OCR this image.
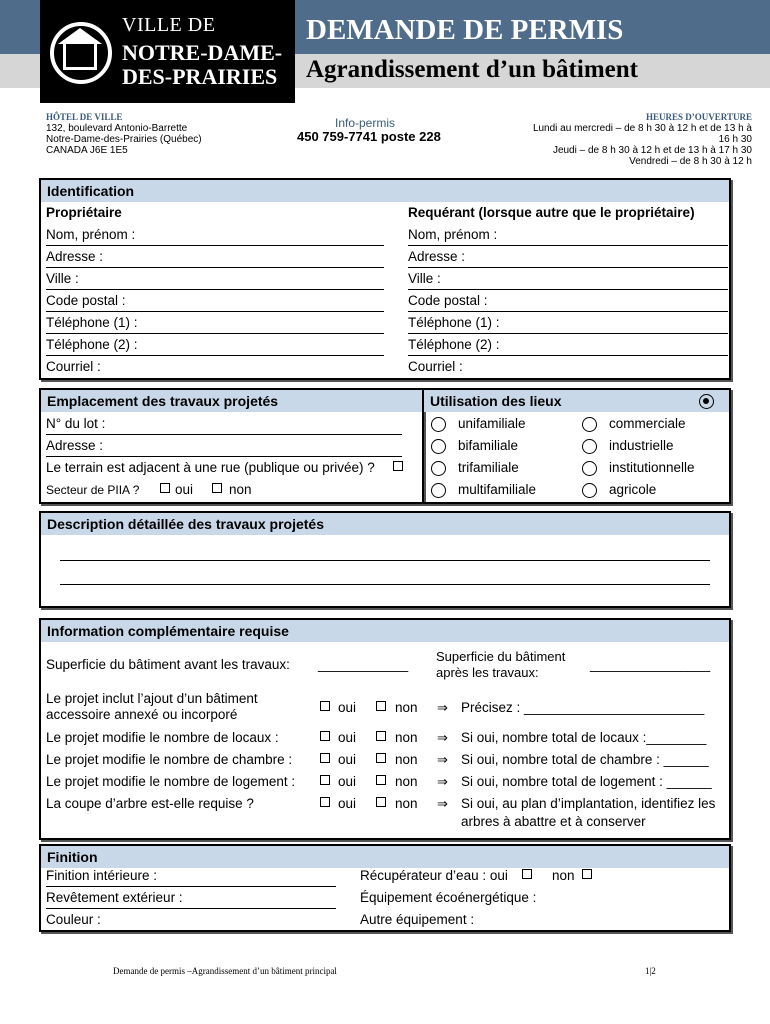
VILLE DE
NOTRE-DAME-
DES-PRAIRIES
DEMANDE DE PERMIS
Agrandissement d’un bâtiment
HÔTEL DE VILLE
132, boulevard Antonio-Barrette
Notre-Dame-des-Prairies (Québec)
CANADA J6E 1E5
Info-permis
450 759-7741 poste 228
HEURES D’OUVERTURE
Lundi au mercredi – de 8 h 30 à 12 h et de 13 h à
16 h 30
Jeudi – de 8 h 30 à 12 h et de 13 h à 17 h 30
Vendredi – de 8 h 30 à 12 h
Identification
Propriétaire	Requérant (lorsque autre que le propriétaire)
Nom, prénom :	Nom, prénom :
Adresse :	Adresse :
Ville :	Ville :
Code postal :	Code postal :
Téléphone (1) :	Téléphone (1) :
Téléphone (2) :	Téléphone (2) :
Courriel :	Courriel :
Emplacement des travaux projetés
N° du lot :
Adresse :
Le terrain est adjacent à une rue (publique ou privée) ?
Secteur de PIIA ?	oui	non
Utilisation des lieux
unifamiliale	commerciale
bifamiliale	industrielle
trifamiliale	institutionnelle
multifamiliale	agricole
Description détaillée des travaux projetés
Information complémentaire requise
Superficie du bâtiment avant les travaux: ____________
Superficie du bâtiment
après les travaux:
________________
Le projet inclut l’ajout d’un bâtiment
accessoire annexé ou incorporé	oui	non ⇒ Précisez : ________________________
Le projet modifie le nombre de locaux :	oui	non ⇒ Si oui, nombre total de locaux :________
Le projet modifie le nombre de chambre :	oui	non ⇒ Si oui, nombre total de chambre : ______
Le projet modifie le nombre de logement :	oui	non ⇒ Si oui, nombre total de logement : ______
La coupe d’arbre est-elle requise ?	oui	non ⇒ Si oui, au plan d’implantation, identifiez les
arbres à abattre et à conserver
Finition
Finition intérieure :	Récupérateur d’eau : oui	non
Revêtement extérieur :	Équipement écoénergétique :
Couleur :	Autre équipement :
Demande de permis –Agrandissement d’un bâtiment principal	1|2
